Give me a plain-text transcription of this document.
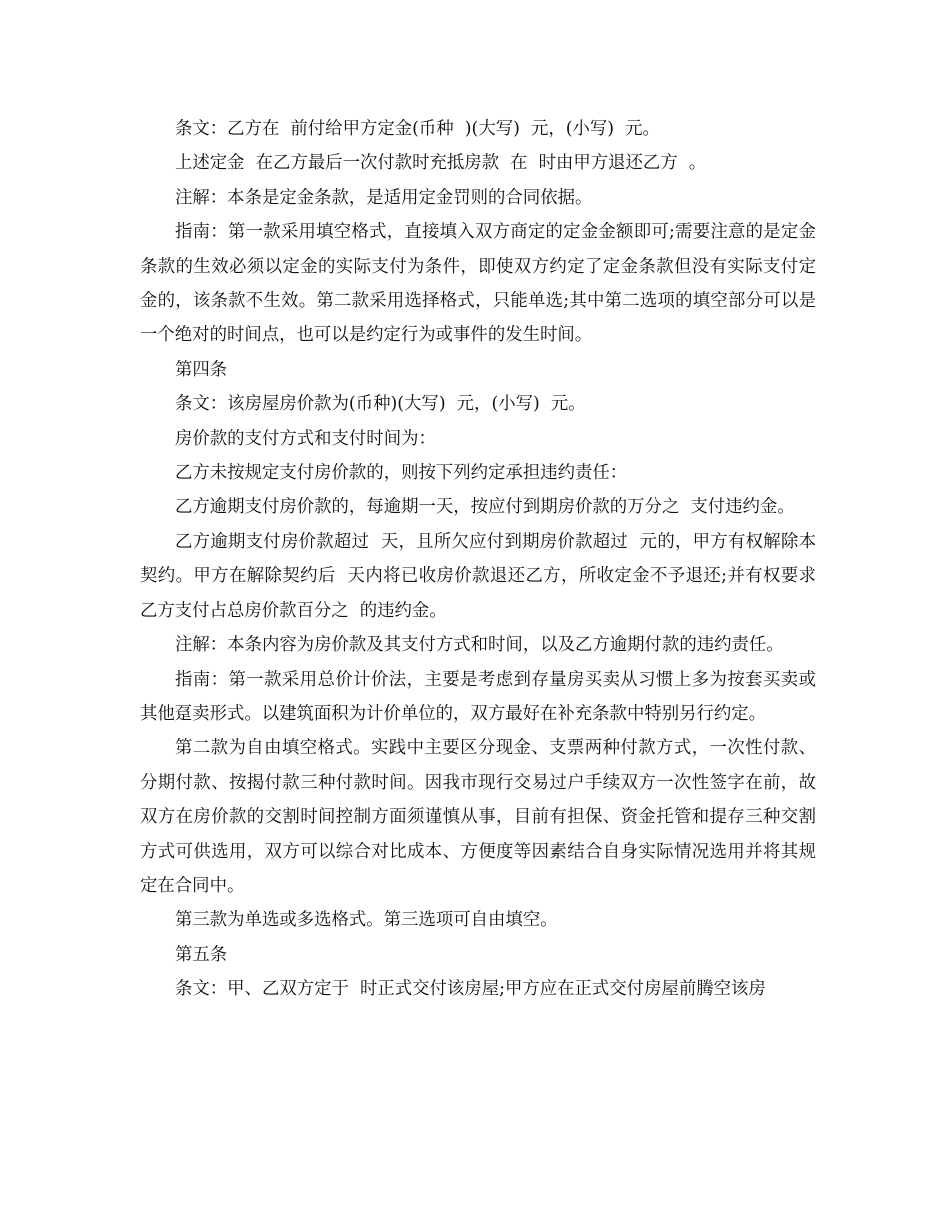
条文：乙方在  前付给甲方定金(币种  )(大写)  元，(小写)  元。

上述定金  在乙方最后一次付款时充抵房款  在  时由甲方退还乙方  。

注解：本条是定金条款，是适用定金罚则的合同依据。

指南：第一款采用填空格式，直接填入双方商定的定金金额即可;需要注意的是定金条款的生效必须以定金的实际支付为条件，即使双方约定了定金条款但没有实际支付定金的，该条款不生效。第二款采用选择格式，只能单选;其中第二选项的填空部分可以是一个绝对的时间点，也可以是约定行为或事件的发生时间。

第四条

条文：该房屋房价款为(币种)(大写)  元，(小写)  元。

房价款的支付方式和支付时间为：

乙方未按规定支付房价款的，则按下列约定承担违约责任：

乙方逾期支付房价款的，每逾期一天，按应付到期房价款的万分之  支付违约金。

乙方逾期支付房价款超过  天，且所欠应付到期房价款超过  元的，甲方有权解除本契约。甲方在解除契约后  天内将已收房价款退还乙方，所收定金不予退还;并有权要求乙方支付占总房价款百分之  的违约金。

注解：本条内容为房价款及其支付方式和时间，以及乙方逾期付款的违约责任。

指南：第一款采用总价计价法，主要是考虑到存量房买卖从习惯上多为按套买卖或其他趸卖形式。以建筑面积为计价单位的，双方最好在补充条款中特别另行约定。

第二款为自由填空格式。实践中主要区分现金、支票两种付款方式，一次性付款、分期付款、按揭付款三种付款时间。因我市现行交易过户手续双方一次性签字在前，故双方在房价款的交割时间控制方面须谨慎从事，目前有担保、资金托管和提存三种交割方式可供选用，双方可以综合对比成本、方便度等因素结合自身实际情况选用并将其规定在合同中。

第三款为单选或多选格式。第三选项可自由填空。

第五条

条文：甲、乙双方定于  时正式交付该房屋;甲方应在正式交付房屋前腾空该房
